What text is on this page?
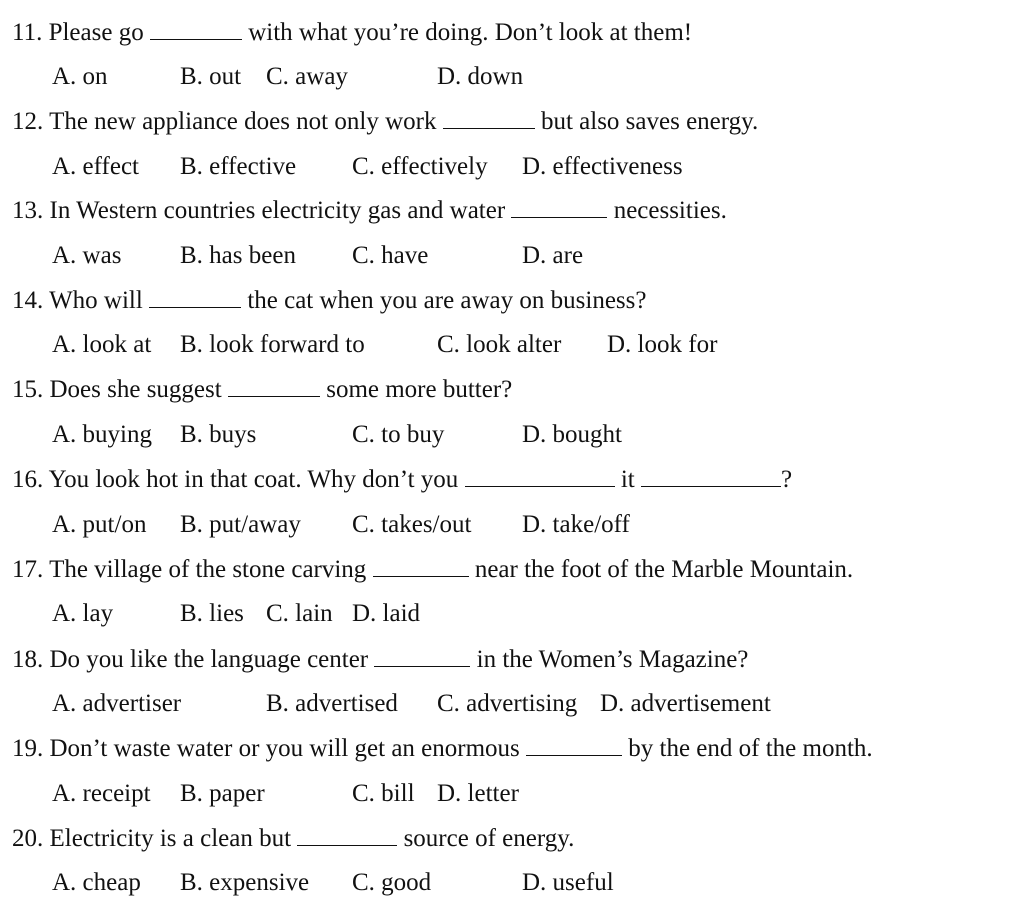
11. Please go	with what you’re doing. Don’t look at them!
A. on	B. out C. away	D. down
12. The new appliance does not only work	but also saves energy.
A. effect B. effective C. effectively D. effectiveness
13. In Western countries electricity gas and water	necessities.
A. was B. has been C. have	D. are
14. Who will	the cat when you are away on business?
A. look at B. look forward to	C. look alter D. look for
15. Does she suggest	some more butter?
A. buying B. buys	C. to buy	D. bought
16. You look hot in that coat. Why don’t you	it	?
A. put/on B. put/away C. takes/out D. take/off
17. The village of the stone carving	near the foot of the Marble Mountain.
A. lay	B. lies C. lain D. laid
18. Do you like the language center	in the Women’s Magazine?
A. advertiser	B. advertised C. advertising D. advertisement
19. Don’t waste water or you will get an enormous	by the end of the month.
A. receipt B. paper	C. bill D. letter
20. Electricity is a clean but	source of energy.
A. cheap B. expensive C. good	D. useful
